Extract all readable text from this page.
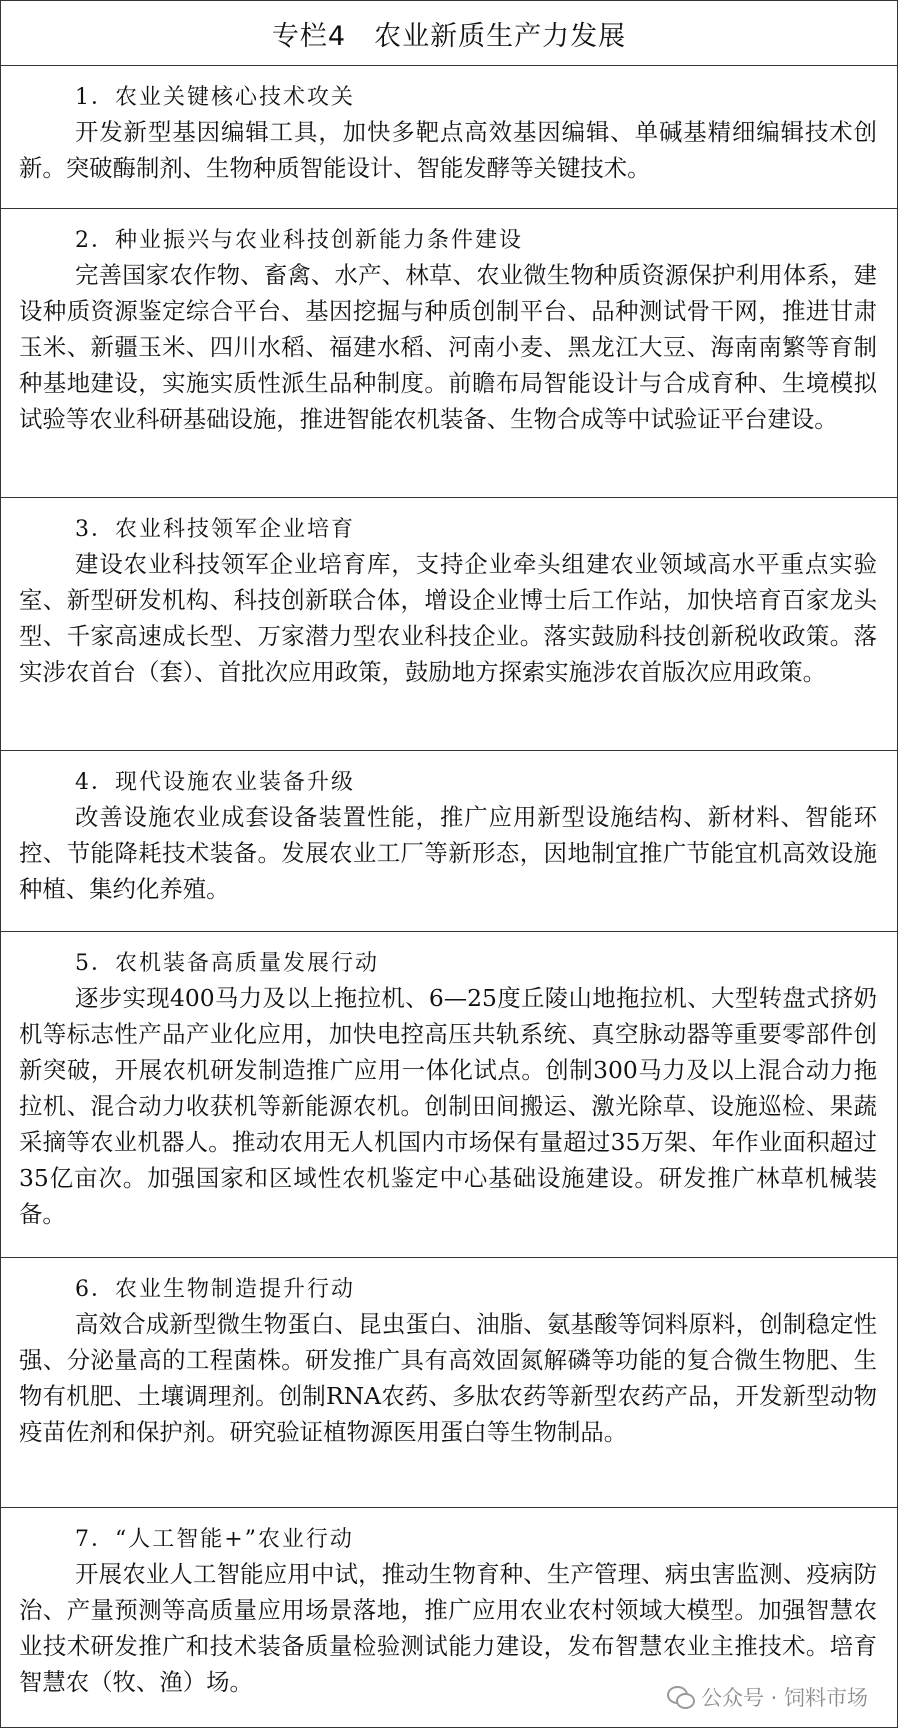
专栏4　农业新质生产力发展
1．农业关键核心技术攻关

开发新型基因编辑工具，加快多靶点高效基因编辑、单碱基精细编辑技术创新。突破酶制剂、生物种质智能设计、智能发酵等关键技术。

2．种业振兴与农业科技创新能力条件建设

完善国家农作物、畜禽、水产、林草、农业微生物种质资源保护利用体系，建设种质资源鉴定综合平台、基因挖掘与种质创制平台、品种测试骨干网，推进甘肃玉米、新疆玉米、四川水稻、福建水稻、河南小麦、黑龙江大豆、海南南繁等育制种基地建设，实施实质性派生品种制度。前瞻布局智能设计与合成育种、生境模拟试验等农业科研基础设施，推进智能农机装备、生物合成等中试验证平台建设。

3．农业科技领军企业培育

建设农业科技领军企业培育库，支持企业牵头组建农业领域高水平重点实验室、新型研发机构、科技创新联合体，增设企业博士后工作站，加快培育百家龙头型、千家高速成长型、万家潜力型农业科技企业。落实鼓励科技创新税收政策。落实涉农首台（套）、首批次应用政策，鼓励地方探索实施涉农首版次应用政策。

4．现代设施农业装备升级

改善设施农业成套设备装置性能，推广应用新型设施结构、新材料、智能环控、节能降耗技术装备。发展农业工厂等新形态，因地制宜推广节能宜机高效设施种植、集约化养殖。

5．农机装备高质量发展行动

逐步实现400马力及以上拖拉机、6—25度丘陵山地拖拉机、大型转盘式挤奶机等标志性产品产业化应用，加快电控高压共轨系统、真空脉动器等重要零部件创新突破，开展农机研发制造推广应用一体化试点。创制300马力及以上混合动力拖拉机、混合动力收获机等新能源农机。创制田间搬运、激光除草、设施巡检、果蔬采摘等农业机器人。推动农用无人机国内市场保有量超过35万架、年作业面积超过35亿亩次。加强国家和区域性农机鉴定中心基础设施建设。研发推广林草机械装备。

6．农业生物制造提升行动

高效合成新型微生物蛋白、昆虫蛋白、油脂、氨基酸等饲料原料，创制稳定性强、分泌量高的工程菌株。研发推广具有高效固氮解磷等功能的复合微生物肥、生物有机肥、土壤调理剂。创制RNA农药、多肽农药等新型农药产品，开发新型动物疫苗佐剂和保护剂。研究验证植物源医用蛋白等生物制品。

7．“人工智能+”农业行动

开展农业人工智能应用中试，推动生物育种、生产管理、病虫害监测、疫病防治、产量预测等高质量应用场景落地，推广应用农业农村领域大模型。加强智慧农业技术研发推广和技术装备质量检验测试能力建设，发布智慧农业主推技术。培育智慧农（牧、渔）场。

公众号 · 饲料市场
